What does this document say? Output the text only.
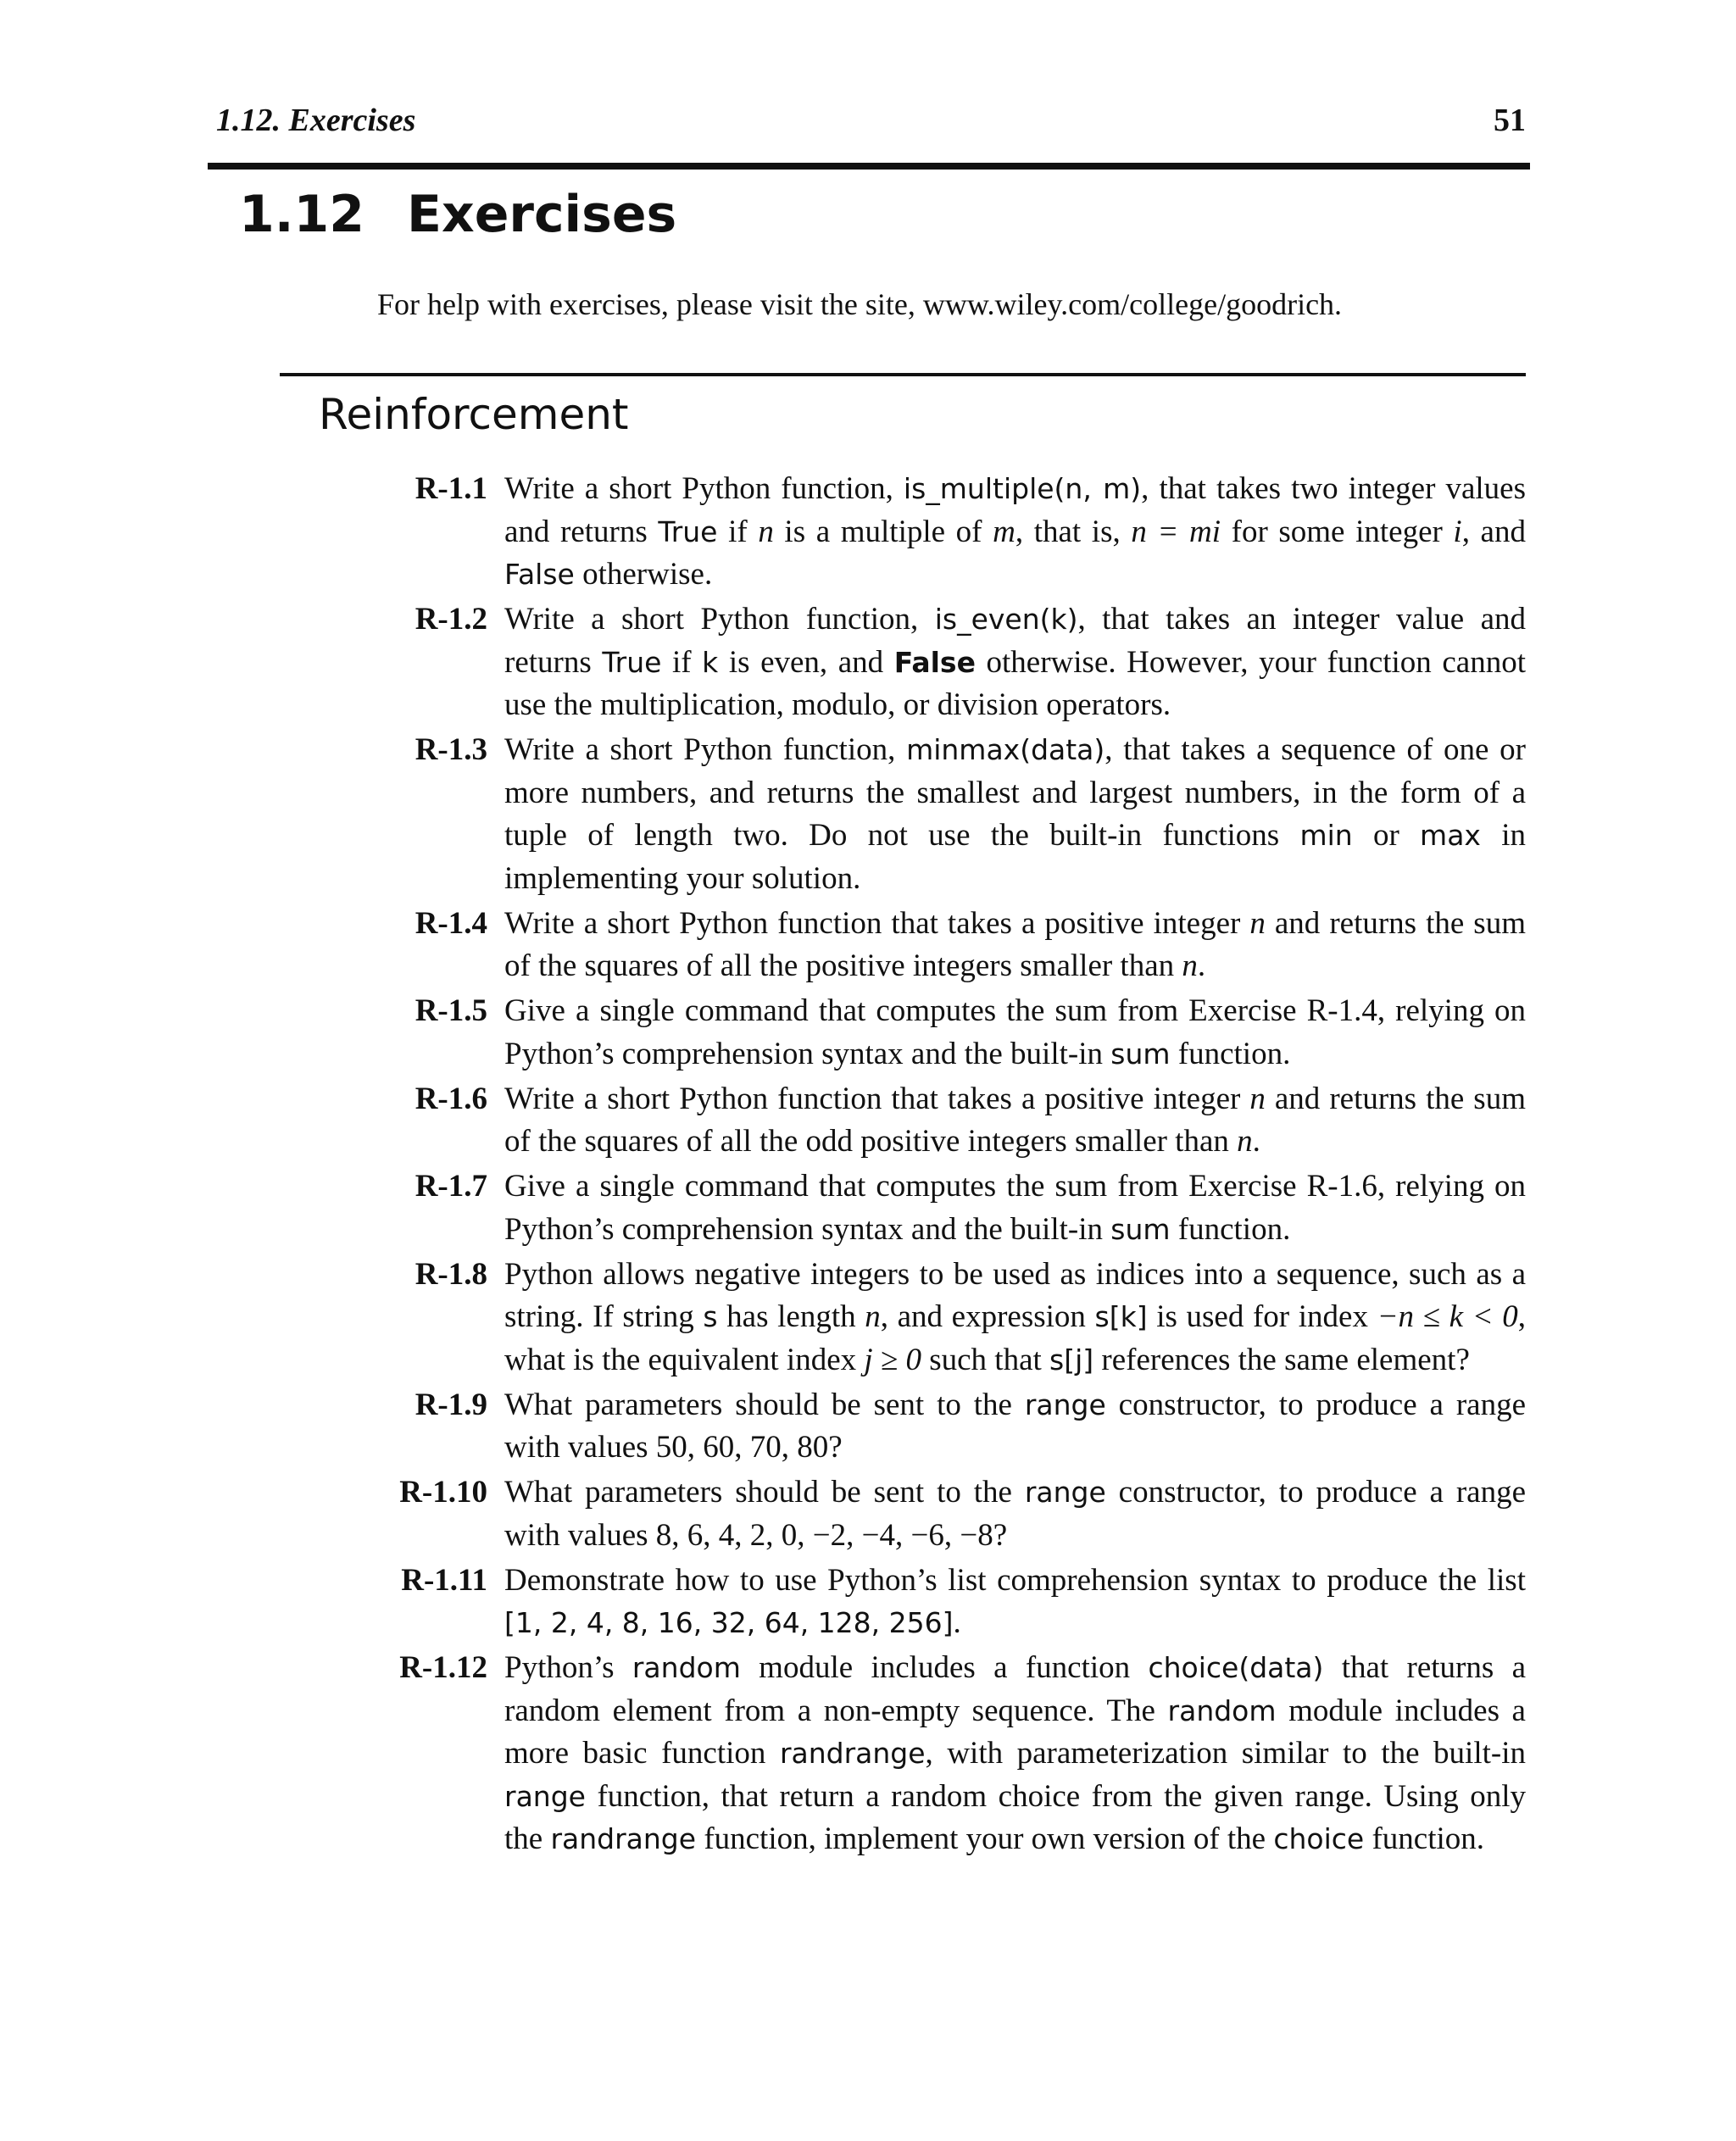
1.12. Exercises	51
1.12 Exercises
For help with exercises, please visit the site, www.wiley.com/college/goodrich.
Reinforcement
R-1.1 Write a short Python function, is_multiple(n, m), that takes two integer values and returns True if n is a multiple of m, that is, n = mi for some integer i, and False otherwise.
R-1.2 Write a short Python function, is_even(k), that takes an integer value and returns True if k is even, and False otherwise. However, your function cannot use the multiplication, modulo, or division operators.
R-1.3 Write a short Python function, minmax(data), that takes a sequence of one or more numbers, and returns the smallest and largest numbers, in the form of a tuple of length two. Do not use the built-in functions min or max in implementing your solution.
R-1.4 Write a short Python function that takes a positive integer n and returns the sum of the squares of all the positive integers smaller than n.
R-1.5 Give a single command that computes the sum from Exercise R-1.4, relying on Python’s comprehension syntax and the built-in sum function.
R-1.6 Write a short Python function that takes a positive integer n and returns the sum of the squares of all the odd positive integers smaller than n.
R-1.7 Give a single command that computes the sum from Exercise R-1.6, relying on Python’s comprehension syntax and the built-in sum function.
R-1.8 Python allows negative integers to be used as indices into a sequence, such as a string. If string s has length n, and expression s[k] is used for index −n ≤ k < 0, what is the equivalent index j ≥ 0 such that s[j] references the same element?
R-1.9 What parameters should be sent to the range constructor, to produce a range with values 50, 60, 70, 80?
R-1.10 What parameters should be sent to the range constructor, to produce a range with values 8, 6, 4, 2, 0, −2, −4, −6, −8?
R-1.11 Demonstrate how to use Python’s list comprehension syntax to produce the list [1, 2, 4, 8, 16, 32, 64, 128, 256].
R-1.12 Python’s random module includes a function choice(data) that returns a random element from a non-empty sequence. The random module includes a more basic function randrange, with parameterization similar to the built-in range function, that return a random choice from the given range. Using only the randrange function, implement your own version of the choice function.
